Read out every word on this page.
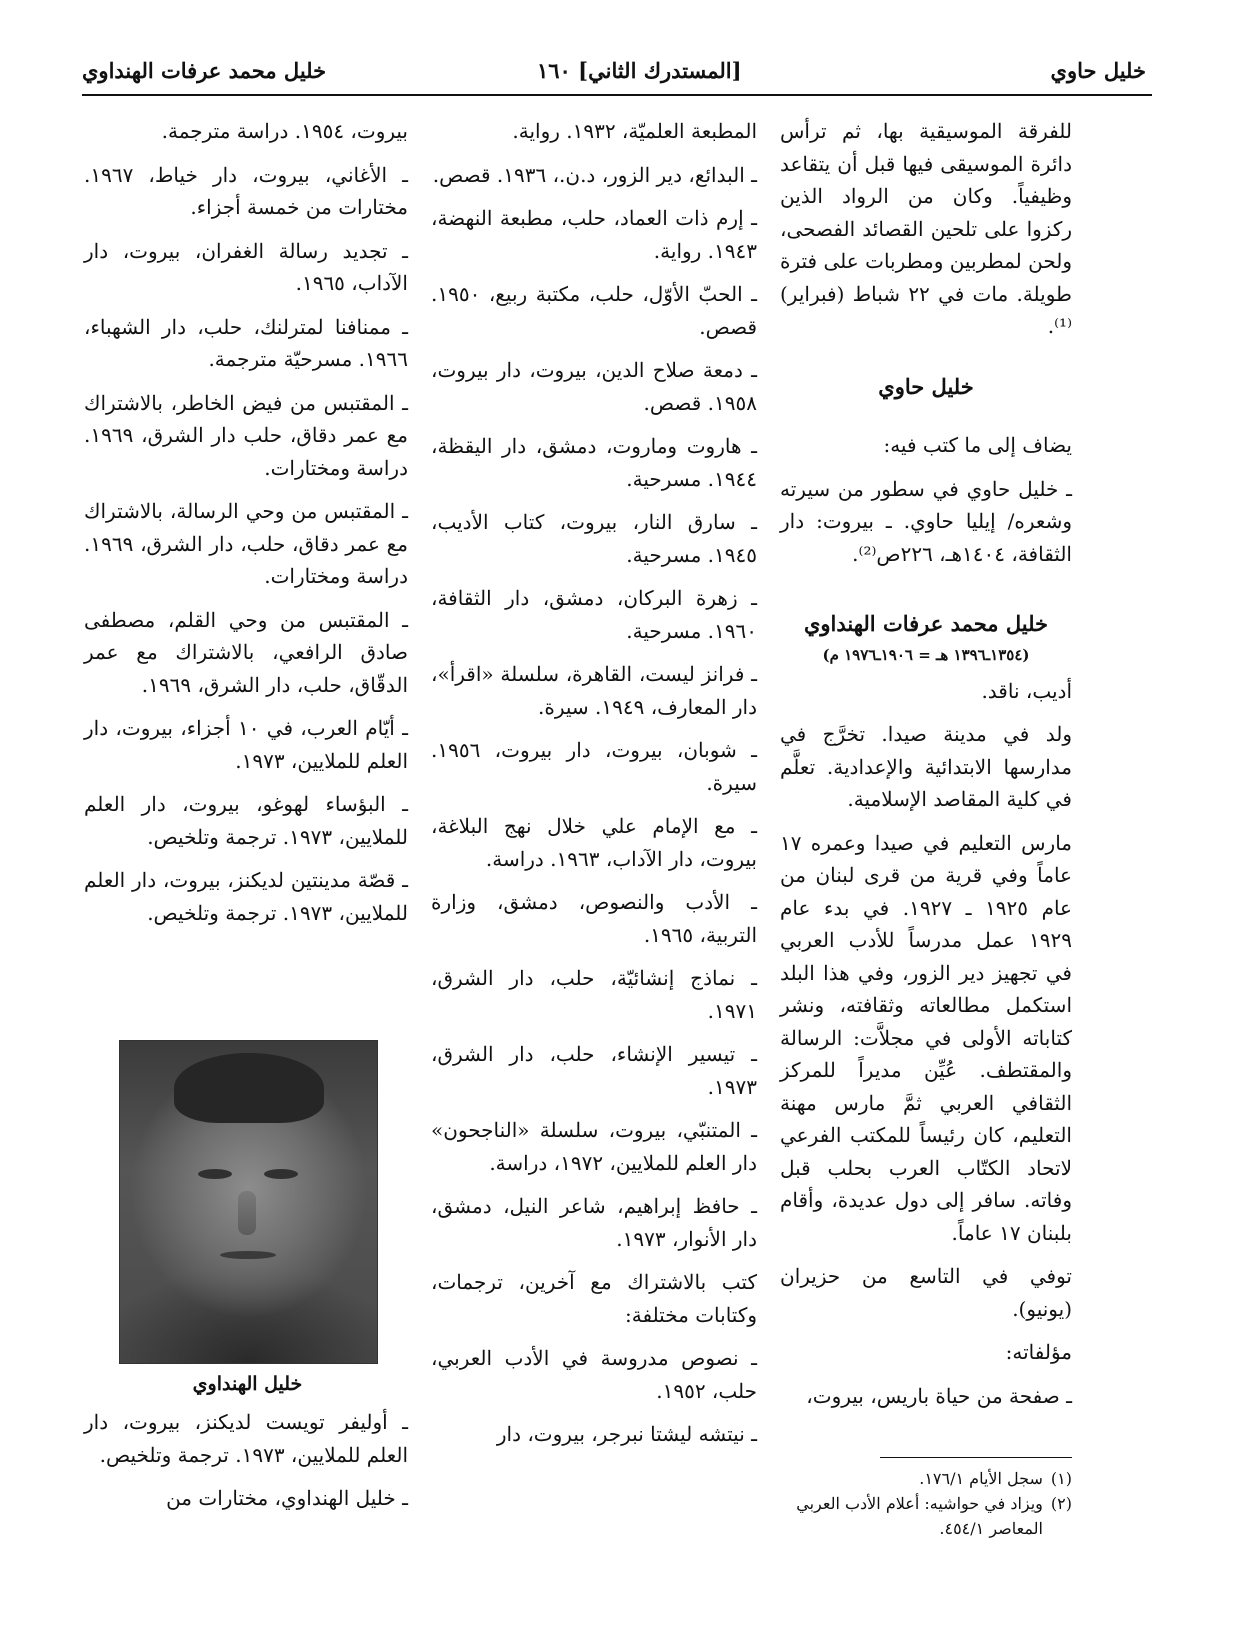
خليل حاوي
[المستدرك الثاني] ١٦٠
خليل محمد عرفات الهنداوي

للفرقة الموسيقية بها، ثم ترأس دائرة الموسيقى فيها قبل أن يتقاعد وظيفياً. وكان من الرواد الذين ركزوا على تلحين القصائد الفصحى، ولحن لمطربين ومطربات على فترة طويلة. مات في ٢٢ شباط (فبراير)⁽¹⁾.

خليل حاوي

يضاف إلى ما كتب فيه:

ـ خليل حاوي في سطور من سيرته وشعره/ إيليا حاوي. ـ بيروت: دار الثقافة، ١٤٠٤هـ، ٢٢٦ص⁽²⁾.

خليل محمد عرفات الهنداوي
(١٣٥٤ـ١٣٩٦ هـ = ١٩٠٦ـ١٩٧٦ م)

أديب، ناقد.

ولد في مدينة صيدا. تخرَّج في مدارسها الابتدائية والإعدادية. تعلَّم في كلية المقاصد الإسلامية.

مارس التعليم في صيدا وعمره ١٧ عاماً وفي قرية من قرى لبنان من عام ١٩٢٥ ـ ١٩٢٧. في بدء عام ١٩٢٩ عمل مدرساً للأدب العربي في تجهيز دير الزور، وفي هذا البلد استكمل مطالعاته وثقافته، ونشر كتاباته الأولى في مجلاَّت: الرسالة والمقتطف. عُيِّن مديراً للمركز الثقافي العربي ثمَّ مارس مهنة التعليم، كان رئيساً للمكتب الفرعي لاتحاد الكتّاب العرب بحلب قبل وفاته. سافر إلى دول عديدة، وأقام بلبنان ١٧ عاماً.

توفي في التاسع من حزيران (يونيو).

مؤلفاته:

ـ صفحة من حياة باريس، بيروت،

المطبعة العلميّة، ١٩٣٢. رواية.

ـ البدائع، دير الزور، د.ن.، ١٩٣٦. قصص.

ـ إرم ذات العماد، حلب، مطبعة النهضة، ١٩٤٣. رواية.

ـ الحبّ الأوّل، حلب، مكتبة ربيع، ١٩٥٠. قصص.

ـ دمعة صلاح الدين، بيروت، دار بيروت، ١٩٥٨. قصص.

ـ هاروت وماروت، دمشق، دار اليقظة، ١٩٤٤. مسرحية.

ـ سارق النار، بيروت، كتاب الأديب، ١٩٤٥. مسرحية.

ـ زهرة البركان، دمشق، دار الثقافة، ١٩٦٠. مسرحية.

ـ فرانز ليست، القاهرة، سلسلة «اقرأ»، دار المعارف، ١٩٤٩. سيرة.

ـ شوبان، بيروت، دار بيروت، ١٩٥٦. سيرة.

ـ مع الإمام علي خلال نهج البلاغة، بيروت، دار الآداب، ١٩٦٣. دراسة.

ـ الأدب والنصوص، دمشق، وزارة التربية، ١٩٦٥.

ـ نماذج إنشائيّة، حلب، دار الشرق، ١٩٧١.

ـ تيسير الإنشاء، حلب، دار الشرق، ١٩٧٣.

ـ المتنبّي، بيروت، سلسلة «الناجحون» دار العلم للملايين، ١٩٧٢، دراسة.

ـ حافظ إبراهيم، شاعر النيل، دمشق، دار الأنوار، ١٩٧٣.

كتب بالاشتراك مع آخرين، ترجمات، وكتابات مختلفة:

ـ نصوص مدروسة في الأدب العربي، حلب، ١٩٥٢.

ـ نيتشه ليشتا نبرجر، بيروت، دار

بيروت، ١٩٥٤. دراسة مترجمة.

ـ الأغاني، بيروت، دار خياط، ١٩٦٧. مختارات من خمسة أجزاء.

ـ تجديد رسالة الغفران، بيروت، دار الآداب، ١٩٦٥.

ـ ممنافنا لمترلنك، حلب، دار الشهباء، ١٩٦٦. مسرحيّة مترجمة.

ـ المقتبس من فيض الخاطر، بالاشتراك مع عمر دقاق، حلب دار الشرق، ١٩٦٩. دراسة ومختارات.

ـ المقتبس من وحي الرسالة، بالاشتراك مع عمر دقاق، حلب، دار الشرق، ١٩٦٩. دراسة ومختارات.

ـ المقتبس من وحي القلم، مصطفى صادق الرافعي، بالاشتراك مع عمر الدقّاق، حلب، دار الشرق، ١٩٦٩.

ـ أيّام العرب، في ١٠ أجزاء، بيروت، دار العلم للملايين، ١٩٧٣.

ـ البؤساء لهوغو، بيروت، دار العلم للملايين، ١٩٧٣. ترجمة وتلخيص.

ـ قصّة مدينتين لديكنز، بيروت، دار العلم للملايين، ١٩٧٣. ترجمة وتلخيص.

خليل الهنداوي

ـ أوليفر تويست لديكنز، بيروت، دار العلم للملايين، ١٩٧٣. ترجمة وتلخيص.

ـ خليل الهنداوي، مختارات من

(١)
سجل الأيام ١٧٦/١.
(٢)
ويزاد في حواشيه: أعلام الأدب العربي المعاصر ٤٥٤/١.
